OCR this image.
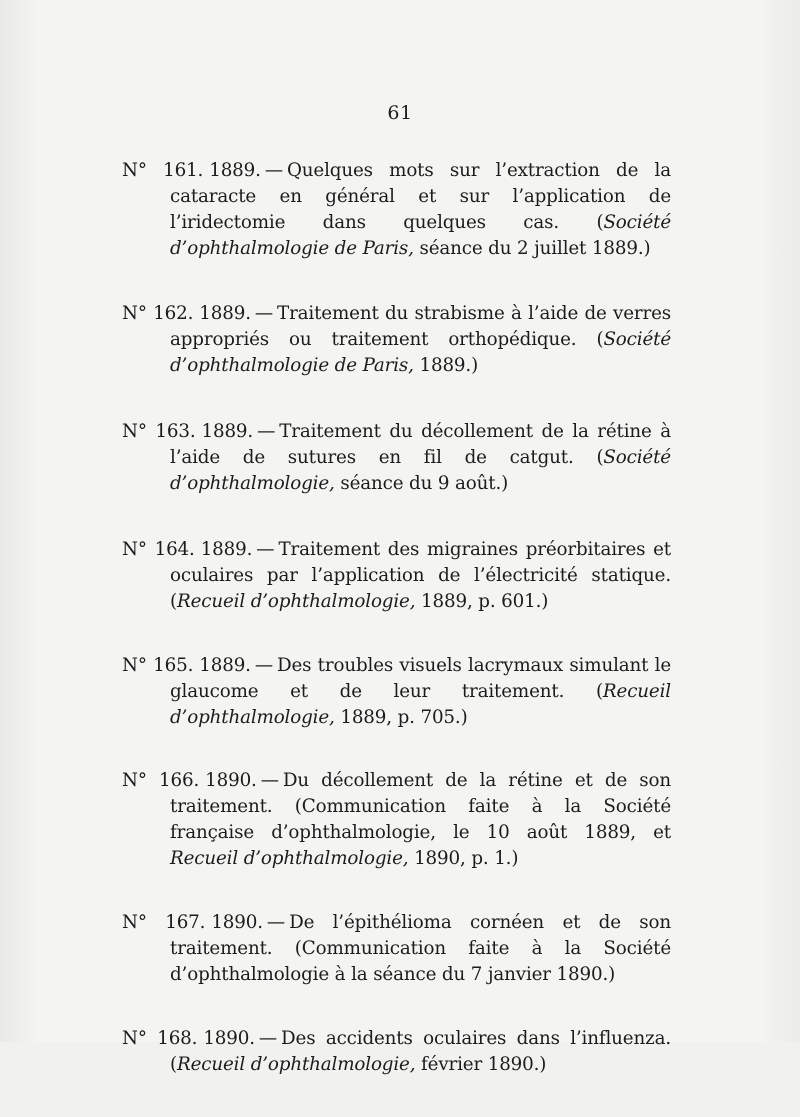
61

N° 161. 1889. — Quelques mots sur l’extraction de la cataracte en général et sur l’application de l’iridectomie dans quelques cas. (Société d’ophthalmologie de Paris, séance du 2 juillet 1889.)

N° 162. 1889. — Traitement du strabisme à l’aide de verres appropriés ou traitement orthopédique. (Société d’ophthalmologie de Paris, 1889.)

N° 163. 1889. — Traitement du décollement de la rétine à l’aide de sutures en fil de catgut. (Société d’ophthalmologie, séance du 9 août.)

N° 164. 1889. — Traitement des migraines préorbitaires et oculaires par l’application de l’électricité statique. (Recueil d’ophthalmologie, 1889, p. 601.)

N° 165. 1889. — Des troubles visuels lacrymaux simulant le glaucome et de leur traitement. (Recueil d’ophthalmologie, 1889, p. 705.)

N° 166. 1890. — Du décollement de la rétine et de son traitement. (Communication faite à la Société française d’ophthalmologie, le 10 août 1889, et Recueil d’ophthalmologie, 1890, p. 1.)

N° 167. 1890. — De l’épithélioma cornéen et de son traitement. (Communication faite à la Société d’ophthalmologie à la séance du 7 janvier 1890.)

N° 168. 1890. — Des accidents oculaires dans l’influenza. (Recueil d’ophthalmologie, février 1890.)
